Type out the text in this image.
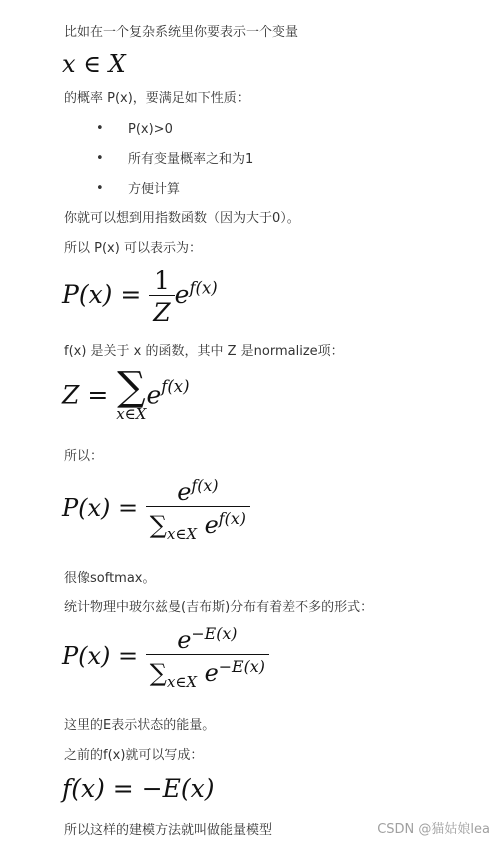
比如在一个复杂系统里你要表示一个变量
x ∈ X
的概率 P(x)，要满足如下性质：
• P(x)>0
• 所有变量概率之和为1
• 方便计算
你就可以想到用指数函数（因为大于0）。
所以 P(x) 可以表示为：
$P(x) = \frac{1}{Z} e^{f(x)}$
f(x) 是关于 x 的函数，其中 Z 是normalize项：
Z = ∑
x∈X
$e^{f(x)}$
所以：
$P(x) = \frac{e^{f(x)}}{\sum_{x\in X} e^{f(x)}}$
很像softmax。
统计物理中玻尔兹曼(吉布斯)分布有着差不多的形式：
$P(x) = \frac{e^{-E(x)}}{\sum_{x\in X} e^{-E(x)}}$
这里的E表示状态的能量。
之前的f(x)就可以写成：
f(x) = −E(x)
所以这样的建模方法就叫做能量模型	CSDN @猫姑娘lea
